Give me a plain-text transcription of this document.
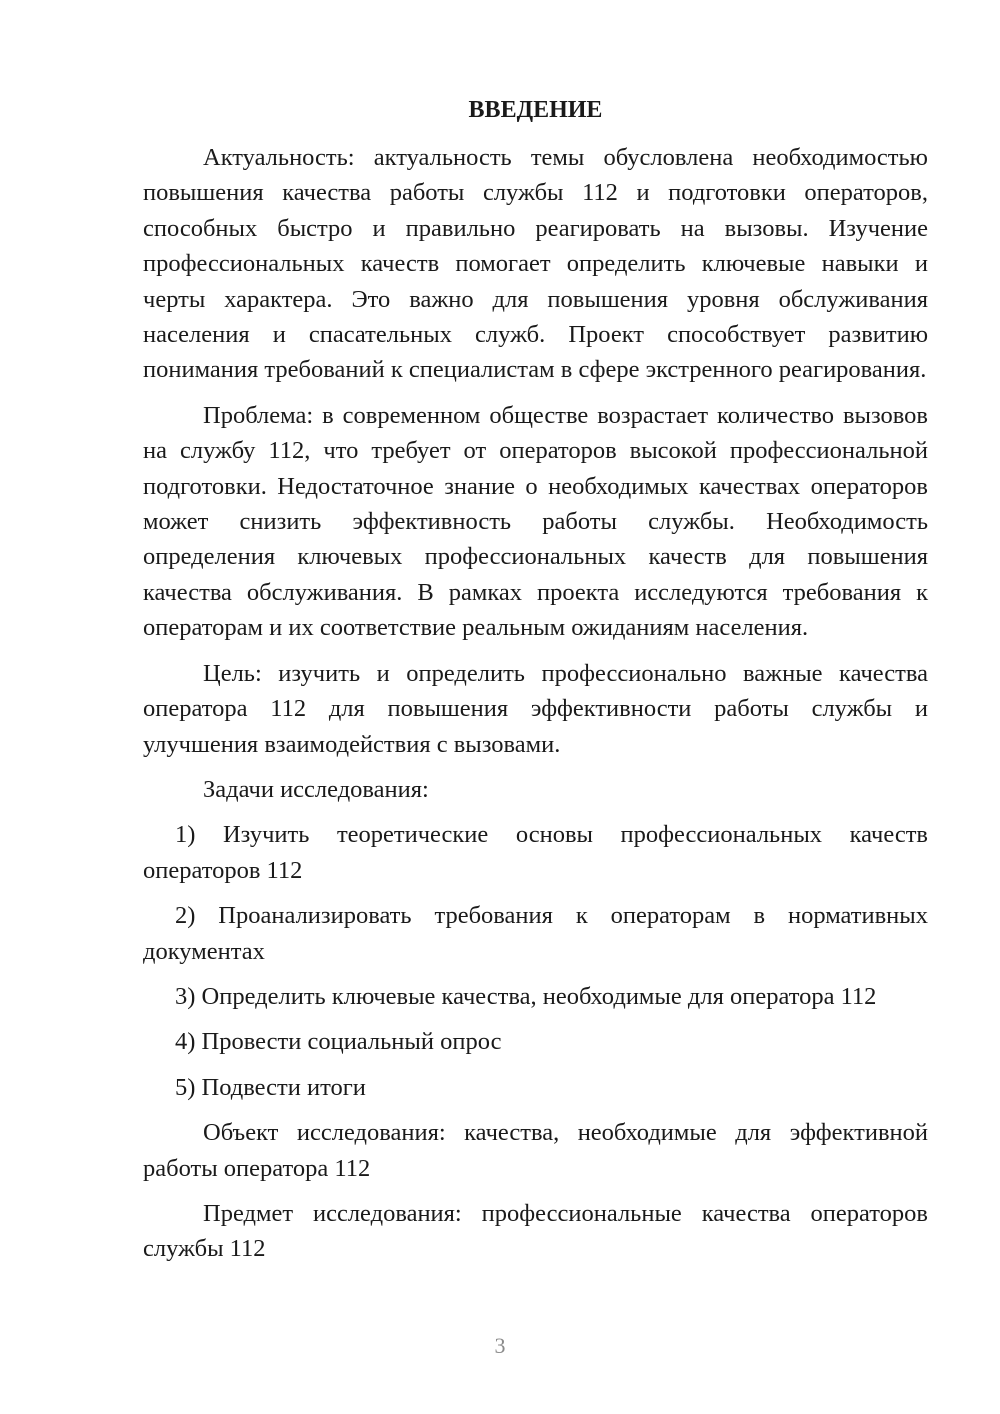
ВВЕДЕНИЕ

Актуальность: актуальность темы обусловлена необходимостью повышения качества работы службы 112 и подготовки операторов, способных быстро и правильно реагировать на вызовы. Изучение профессиональных качеств помогает определить ключевые навыки и черты характера. Это важно для повышения уровня обслуживания населения и спасательных служб. Проект способствует развитию понимания требований к специалистам в сфере экстренного реагирования.

Проблема: в современном обществе возрастает количество вызовов на службу 112, что требует от операторов высокой профессиональной подготовки. Недостаточное знание о необходимых качествах операторов может снизить эффективность работы службы. Необходимость определения ключевых профессиональных качеств для повышения качества обслуживания. В рамках проекта исследуются требования к операторам и их соответствие реальным ожиданиям населения.

Цель: изучить и определить профессионально важные качества оператора 112 для повышения эффективности работы службы и улучшения взаимодействия с вызовами.

Задачи исследования:

1) Изучить теоретические основы профессиональных качеств операторов 112

2) Проанализировать требования к операторам в нормативных документах

3) Определить ключевые качества, необходимые для оператора 112

4) Провести социальный опрос

5) Подвести итоги

Объект исследования: качества, необходимые для эффективной работы оператора 112

Предмет исследования: профессиональные качества операторов службы 112

3
